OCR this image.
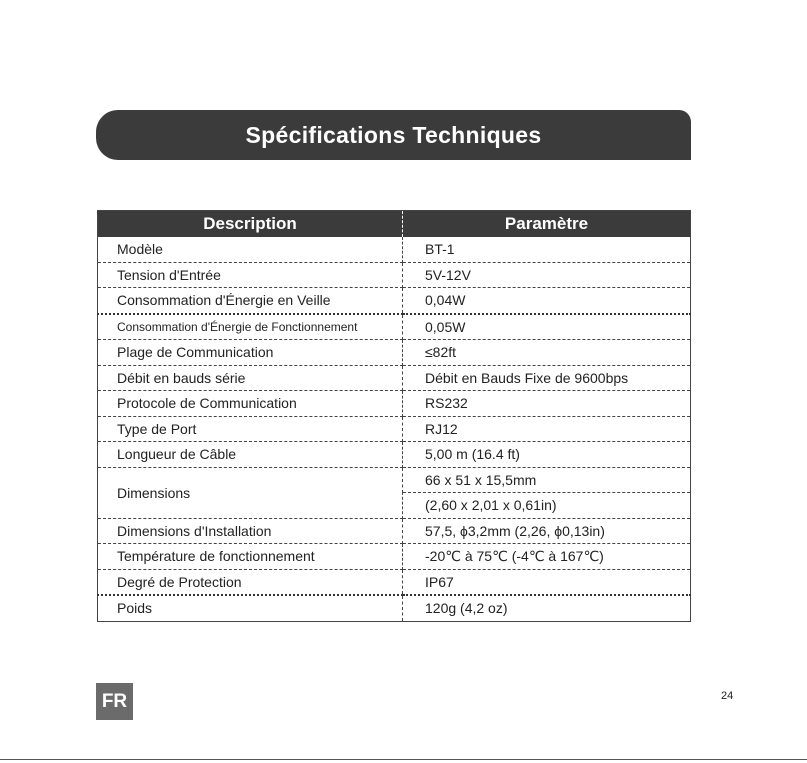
Spécifications Techniques
Description	Paramètre
Modèle	BT-1
Tension d'Entrée	5V-12V
Consommation d'Énergie en Veille	0,04W
Consommation d'Énergie de Fonctionnement	0,05W
Plage de Communication	≤82ft
Débit en bauds série	Débit en Bauds Fixe de 9600bps
Protocole de Communication	RS232
Type de Port	RJ12
Longueur de Câble	5,00 m (16.4 ft)
Dimensions	66 x 51 x 15,5mm
	(2,60 x 2,01 x 0,61in)
Dimensions d'Installation	57,5, ϕ3,2mm (2,26, ϕ0,13in)
Température de fonctionnement	-20℃ à 75℃ (-4℃ à 167℃)
Degré de Protection	IP67
Poids	120g (4,2 oz)
FR	24
